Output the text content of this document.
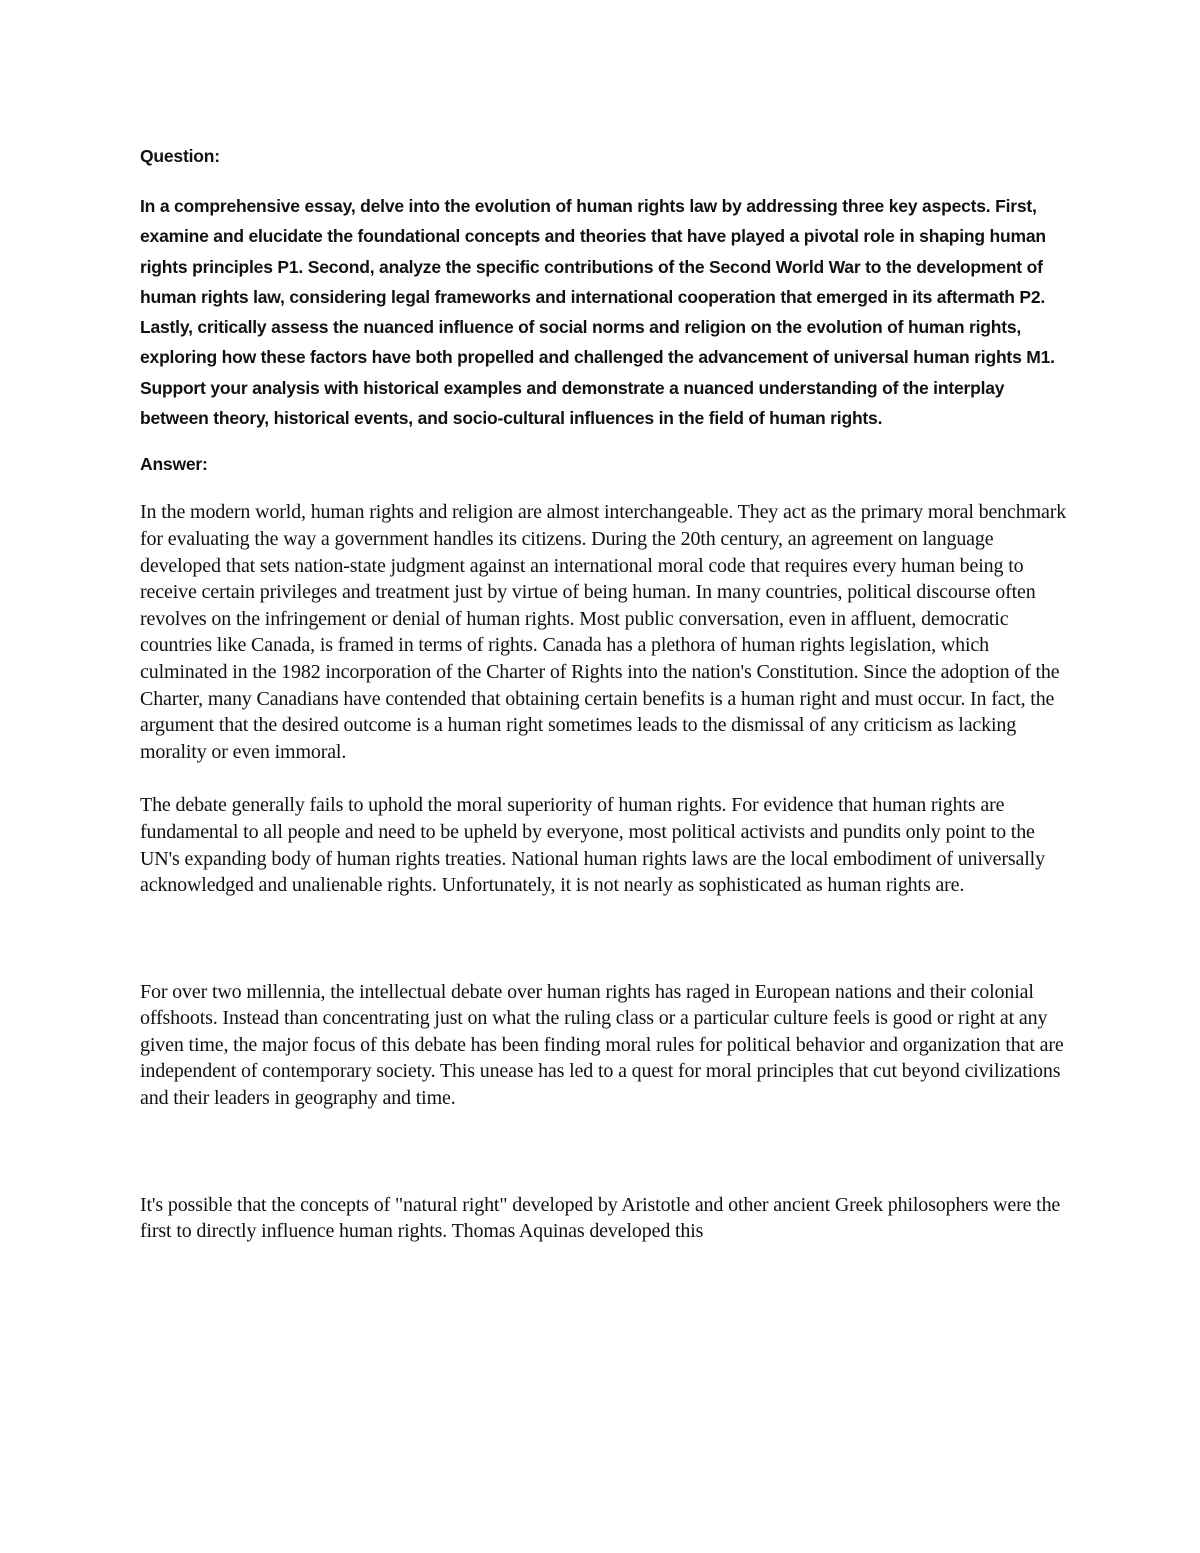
Question:

In a comprehensive essay, delve into the evolution of human rights law by addressing three key aspects. First, examine and elucidate the foundational concepts and theories that have played a pivotal role in shaping human rights principles P1. Second, analyze the specific contributions of the Second World War to the development of human rights law, considering legal frameworks and international cooperation that emerged in its aftermath P2. Lastly, critically assess the nuanced influence of social norms and religion on the evolution of human rights, exploring how these factors have both propelled and challenged the advancement of universal human rights M1. Support your analysis with historical examples and demonstrate a nuanced understanding of the interplay between theory, historical events, and socio-cultural influences in the field of human rights.

Answer:

In the modern world, human rights and religion are almost interchangeable. They act as the primary moral benchmark for evaluating the way a government handles its citizens. During the 20th century, an agreement on language developed that sets nation-state judgment against an international moral code that requires every human being to receive certain privileges and treatment just by virtue of being human. In many countries, political discourse often revolves on the infringement or denial of human rights. Most public conversation, even in affluent, democratic countries like Canada, is framed in terms of rights. Canada has a plethora of human rights legislation, which culminated in the 1982 incorporation of the Charter of Rights into the nation's Constitution. Since the adoption of the Charter, many Canadians have contended that obtaining certain benefits is a human right and must occur. In fact, the argument that the desired outcome is a human right sometimes leads to the dismissal of any criticism as lacking morality or even immoral.

The debate generally fails to uphold the moral superiority of human rights. For evidence that human rights are fundamental to all people and need to be upheld by everyone, most political activists and pundits only point to the UN's expanding body of human rights treaties. National human rights laws are the local embodiment of universally acknowledged and unalienable rights. Unfortunately, it is not nearly as sophisticated as human rights are.

For over two millennia, the intellectual debate over human rights has raged in European nations and their colonial offshoots. Instead than concentrating just on what the ruling class or a particular culture feels is good or right at any given time, the major focus of this debate has been finding moral rules for political behavior and organization that are independent of contemporary society. This unease has led to a quest for moral principles that cut beyond civilizations and their leaders in geography and time.

It's possible that the concepts of "natural right" developed by Aristotle and other ancient Greek philosophers were the first to directly influence human rights. Thomas Aquinas developed this
